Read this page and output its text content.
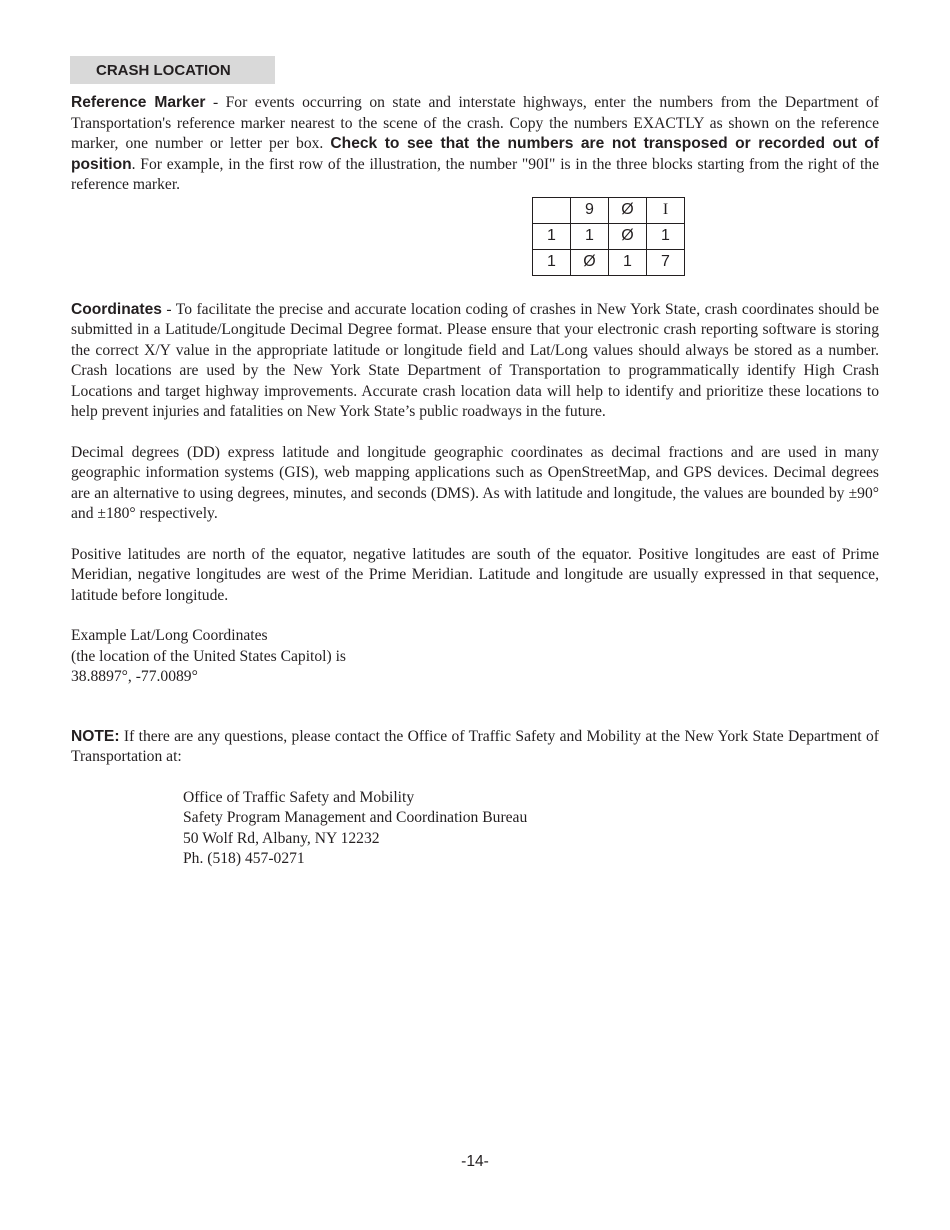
CRASH LOCATION

Reference Marker - For events occurring on state and interstate highways, enter the numbers from the Department of Transportation's reference marker nearest to the scene of the crash. Copy the numbers EXACTLY as shown on the reference marker, one number or letter per box. Check to see that the numbers are not transposed or recorded out of position. For example, in the first row of the illustration, the number "90I" is in the three blocks starting from the right of the reference marker.

	9	Ø	I
1	1	Ø	1
1	Ø	1	7

Coordinates - To facilitate the precise and accurate location coding of crashes in New York State, crash coordinates should be submitted in a Latitude/Longitude Decimal Degree format. Please ensure that your electronic crash reporting software is storing the correct X/Y value in the appropriate latitude or longitude field and Lat/Long values should always be stored as a number. Crash locations are used by the New York State Department of Transportation to programmatically identify High Crash Locations and target highway improvements. Accurate crash location data will help to identify and prioritize these locations to help prevent injuries and fatalities on New York State’s public roadways in the future.

Decimal degrees (DD) express latitude and longitude geographic coordinates as decimal fractions and are used in many geographic information systems (GIS), web mapping applications such as OpenStreetMap, and GPS devices. Decimal degrees are an alternative to using degrees, minutes, and seconds (DMS). As with latitude and longitude, the values are bounded by ±90° and ±180° respectively.

Positive latitudes are north of the equator, negative latitudes are south of the equator. Positive longitudes are east of Prime Meridian, negative longitudes are west of the Prime Meridian. Latitude and longitude are usually expressed in that sequence, latitude before longitude.

Example Lat/Long Coordinates
(the location of the United States Capitol) is
38.8897°, -77.0089°

NOTE: If there are any questions, please contact the Office of Traffic Safety and Mobility at the New York State Department of Transportation at:

Office of Traffic Safety and Mobility
Safety Program Management and Coordination Bureau
50 Wolf Rd, Albany, NY 12232
Ph. (518) 457-0271
-14-
